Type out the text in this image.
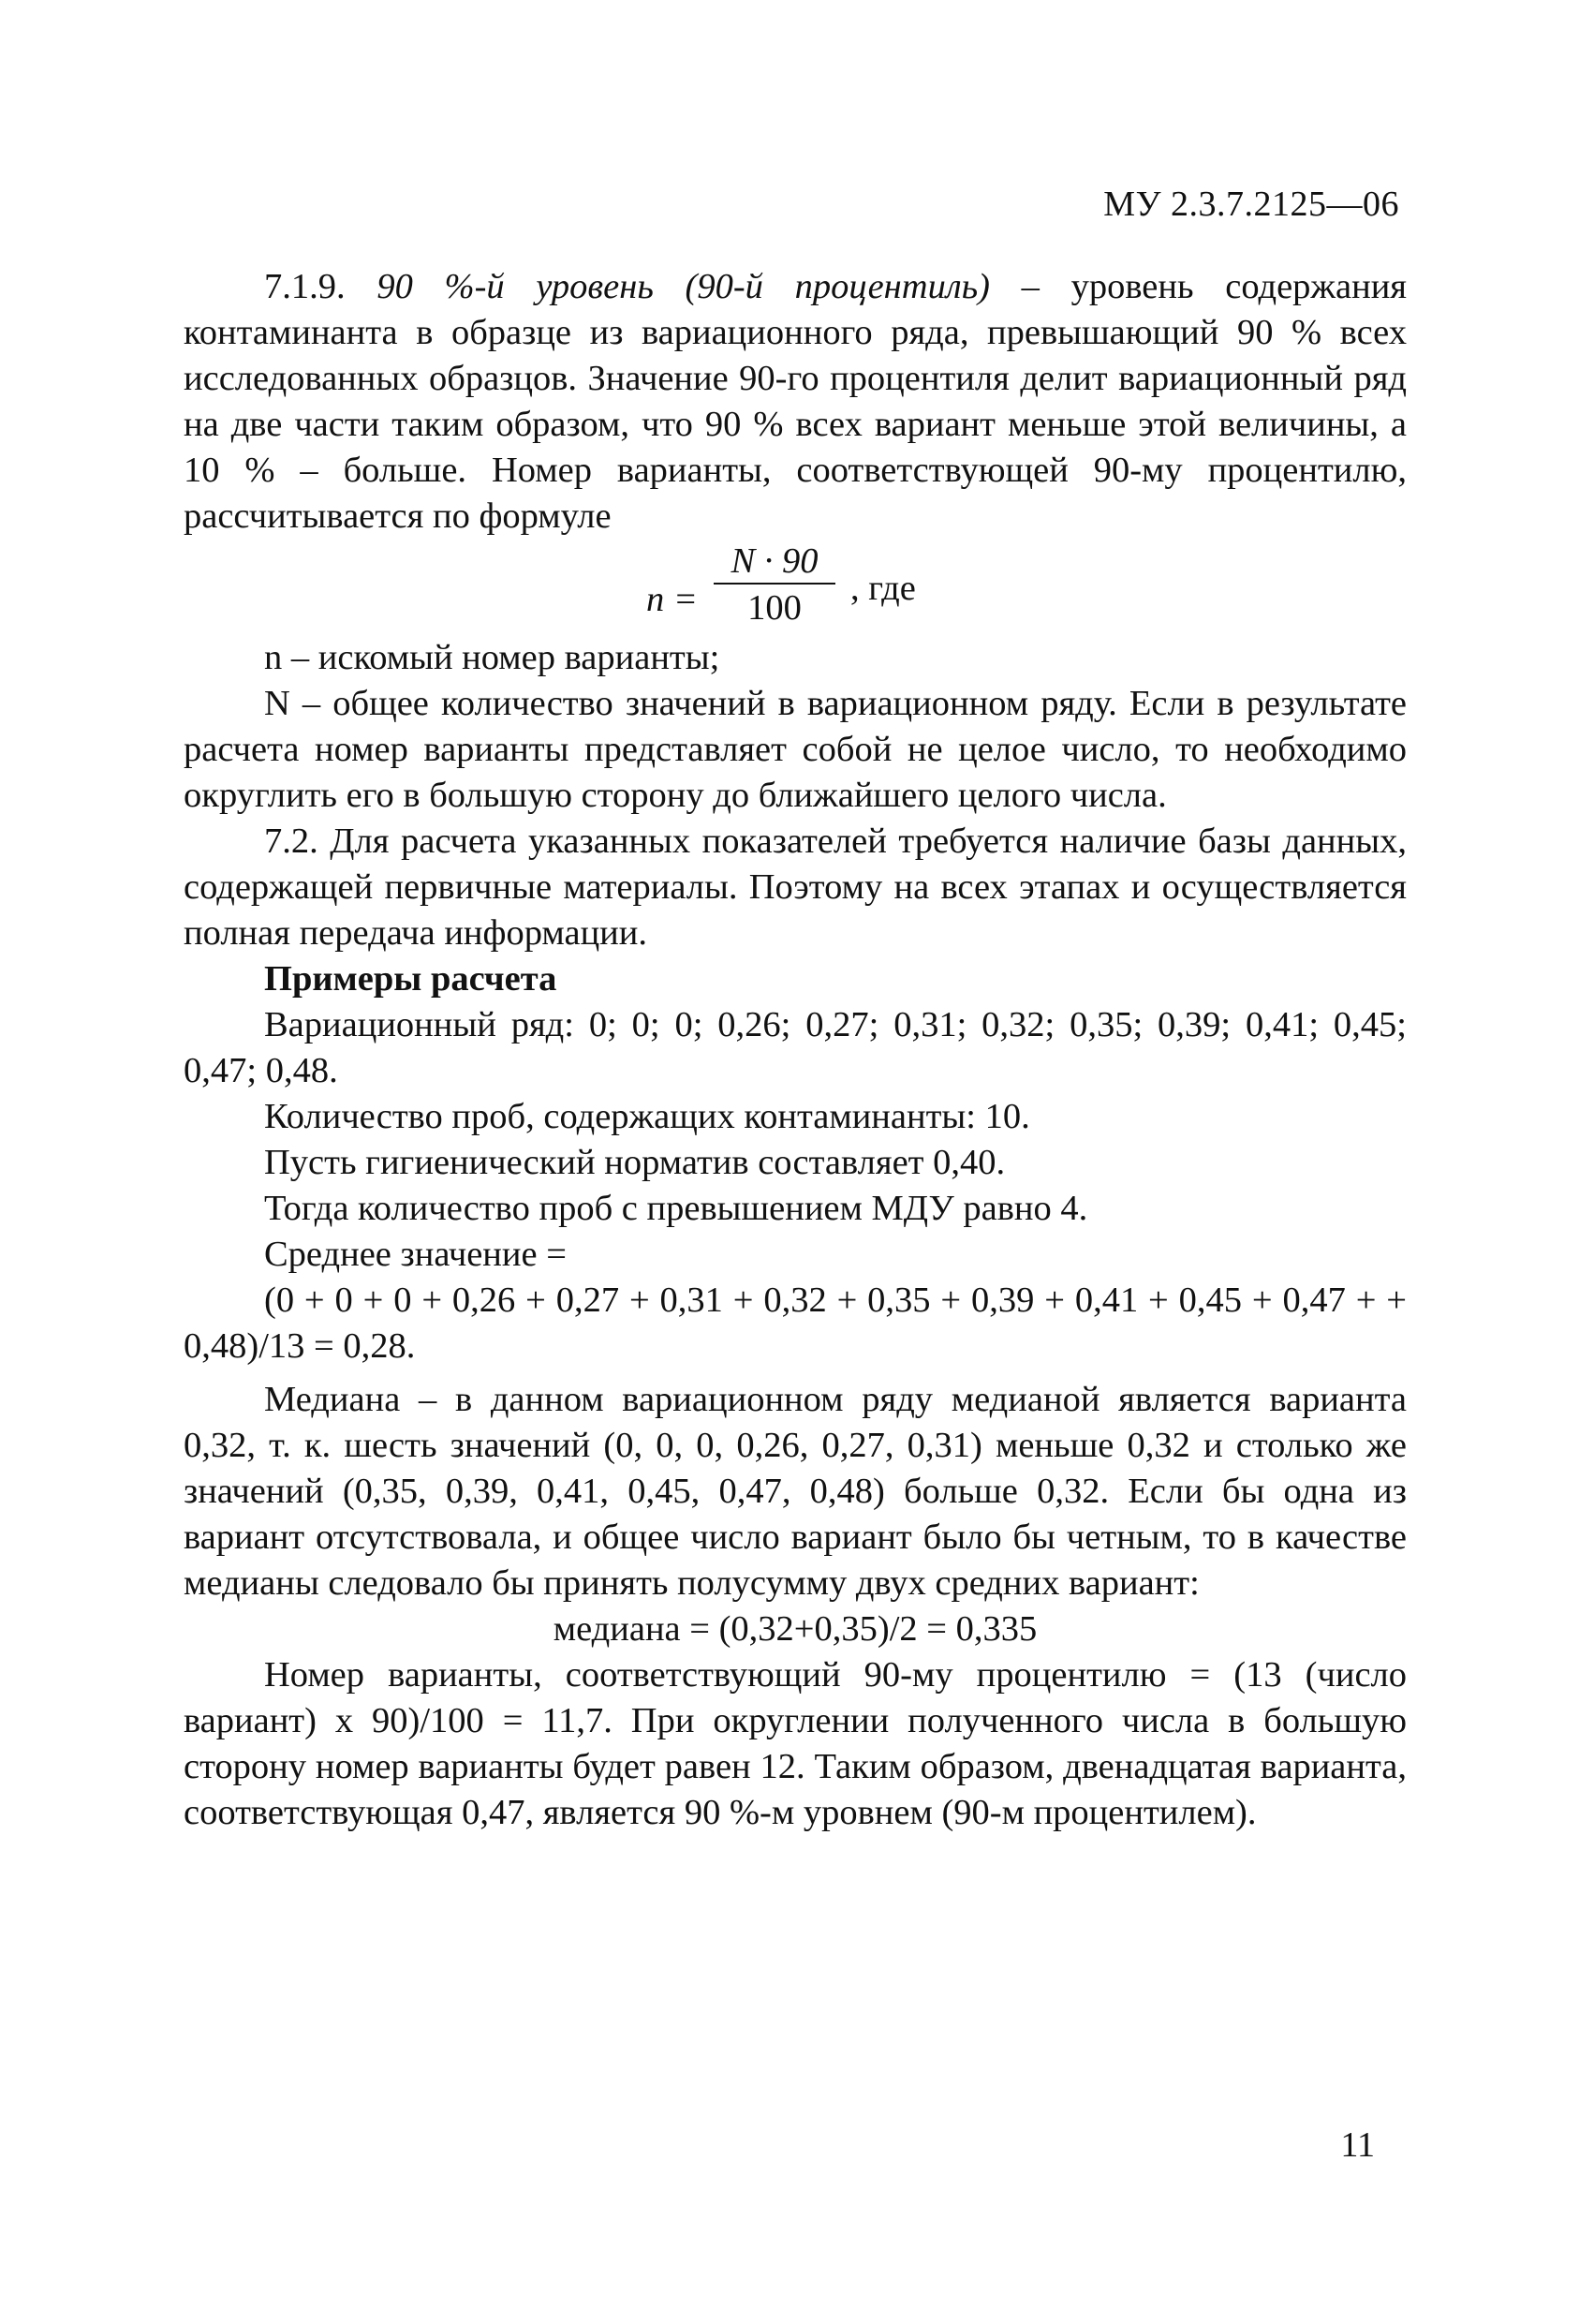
МУ 2.3.7.2125—06

7.1.9. 90 %-й уровень (90-й процентиль) – уровень содержания контаминанта в образце из вариационного ряда, превышающий 90 % всех исследованных образцов. Значение 90-го процентиля делит вариационный ряд на две части таким образом, что 90 % всех вариант меньше этой величины, а 10 % – больше. Номер варианты, соответствующей 90-му процентилю, рассчитывается по формуле

$n = \frac{N \cdot 90}{100}$ , где

n – искомый номер варианты;

N – общее количество значений в вариационном ряду. Если в результате расчета номер варианты представляет собой не целое число, то необходимо округлить его в большую сторону до ближайшего целого числа.

7.2. Для расчета указанных показателей требуется наличие базы данных, содержащей первичные материалы. Поэтому на всех этапах и осуществляется полная передача информации.

Примеры расчета

Вариационный ряд: 0; 0; 0; 0,26; 0,27; 0,31; 0,32; 0,35; 0,39; 0,41; 0,45; 0,47; 0,48.

Количество проб, содержащих контаминанты: 10.

Пусть гигиенический норматив составляет 0,40.

Тогда количество проб с превышением МДУ равно 4.

Среднее значение =

(0 + 0 + 0 + 0,26 + 0,27 + 0,31 + 0,32 + 0,35 + 0,39 + 0,41 + 0,45 + 0,47 + + 0,48)/13 = 0,28.

Медиана – в данном вариационном ряду медианой является варианта 0,32, т. к. шесть значений (0, 0, 0, 0,26, 0,27, 0,31) меньше 0,32 и столько же значений (0,35, 0,39, 0,41, 0,45, 0,47, 0,48) больше 0,32. Если бы одна из вариант отсутствовала, и общее число вариант было бы четным, то в качестве медианы следовало бы принять полусумму двух средних вариант:

медиана = (0,32+0,35)/2 = 0,335

Номер варианты, соответствующий 90-му процентилю = (13 (число вариант) х 90)/100 = 11,7. При округлении полученного числа в большую сторону номер варианты будет равен 12. Таким образом, двенадцатая варианта, соответствующая 0,47, является 90 %-м уровнем (90-м процентилем).

11
